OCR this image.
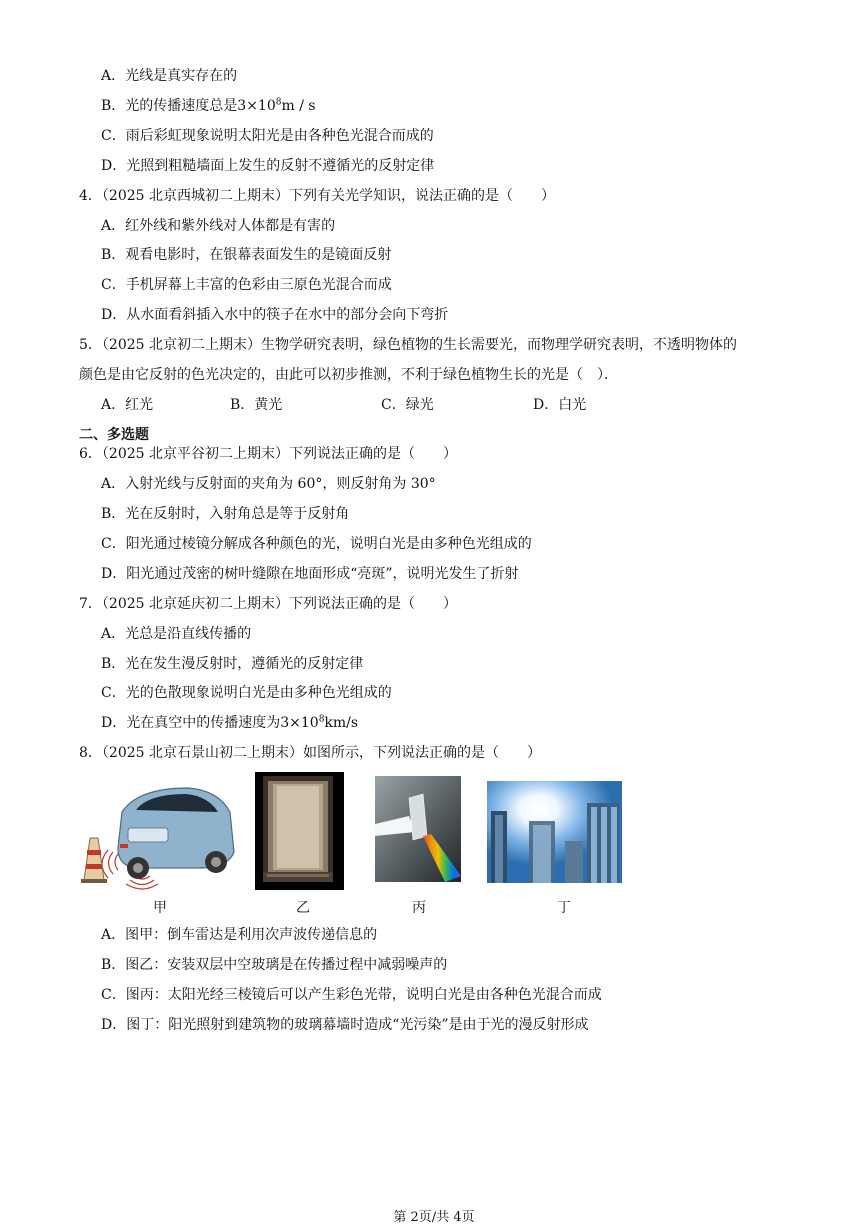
A．光线是真实存在的
B．光的传播速度总是$3\times 10^8m / s$
C．雨后彩虹现象说明太阳光是由各种色光混合而成的
D．光照到粗糙墙面上发生的反射不遵循光的反射定律
4．（2025 北京西城初二上期末）下列有关光学知识，说法正确的是（　　）
A．红外线和紫外线对人体都是有害的
B．观看电影时，在银幕表面发生的是镜面反射
C．手机屏幕上丰富的色彩由三原色光混合而成
D．从水面看斜插入水中的筷子在水中的部分会向下弯折
5．（2025 北京初二上期末）生物学研究表明，绿色植物的生长需要光，而物理学研究表明，不透明物体的
颜色是由它反射的色光决定的，由此可以初步推测，不利于绿色植物生长的光是（　）．
A．红光	B．黄光	C．绿光	D．白光
二、多选题
6．（2025 北京平谷初二上期末）下列说法正确的是（　　）
A．入射光线与反射面的夹角为 60°，则反射角为 30°
B．光在反射时，入射角总是等于反射角
C．阳光通过棱镜分解成各种颜色的光，说明白光是由多种色光组成的
D．阳光通过茂密的树叶缝隙在地面形成“亮斑”，说明光发生了折射
7．（2025 北京延庆初二上期末）下列说法正确的是（　　）
A．光总是沿直线传播的
B．光在发生漫反射时，遵循光的反射定律
C．光的色散现象说明白光是由多种色光组成的
D．光在真空中的传播速度为$3\times 10^8km/s$
8．（2025 北京石景山初二上期末）如图所示，下列说法正确的是（　　）
甲	乙	丙	丁
A．图甲：倒车雷达是利用次声波传递信息的
B．图乙：安装双层中空玻璃是在传播过程中减弱噪声的
C．图丙：太阳光经三棱镜后可以产生彩色光带，说明白光是由各种色光混合而成
D．图丁：阳光照射到建筑物的玻璃幕墙时造成“光污染”是由于光的漫反射形成
第 2页/共 4页
